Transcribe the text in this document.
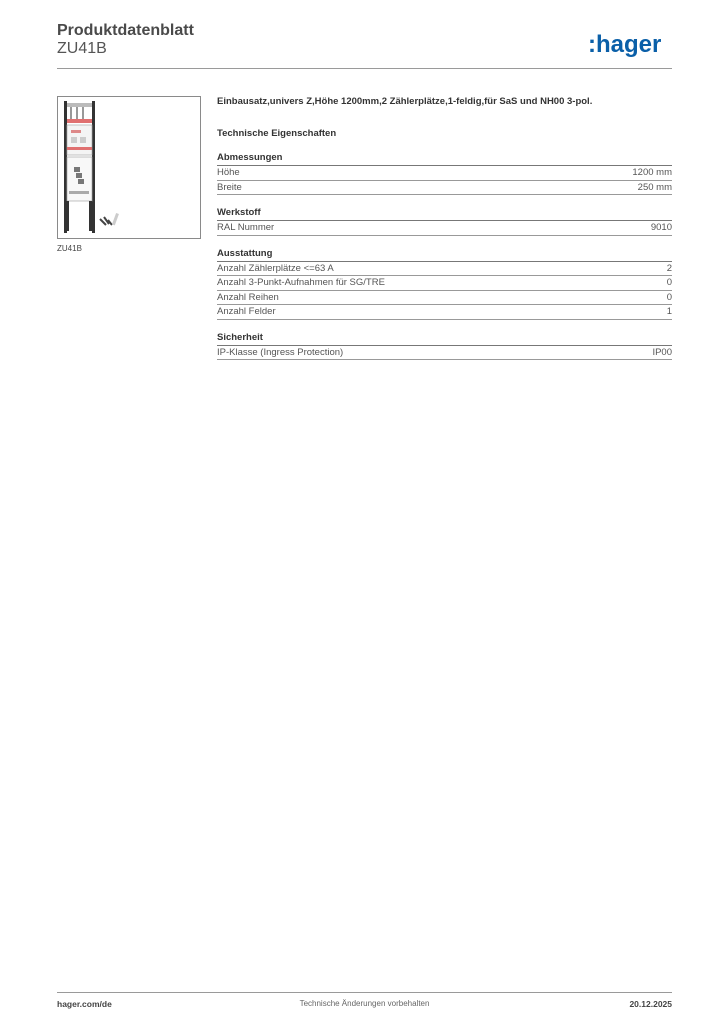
Produktdatenblatt
ZU41B	:hager
ZU41B

Einbausatz,univers Z,Höhe 1200mm,2 Zählerplätze,1-feldig,für SaS und NH00 3-pol.

Technische Eigenschaften
Abmessungen
Höhe	1200 mm
Breite	250 mm
Werkstoff
RAL Nummer	9010
Ausstattung
Anzahl Zählerplätze <=63 A	2
Anzahl 3-Punkt-Aufnahmen für SG/TRE	0
Anzahl Reihen	0
Anzahl Felder	1
Sicherheit
IP-Klasse (Ingress Protection)	IP00
hager.com/de	Technische Änderungen vorbehalten	20.12.2025
